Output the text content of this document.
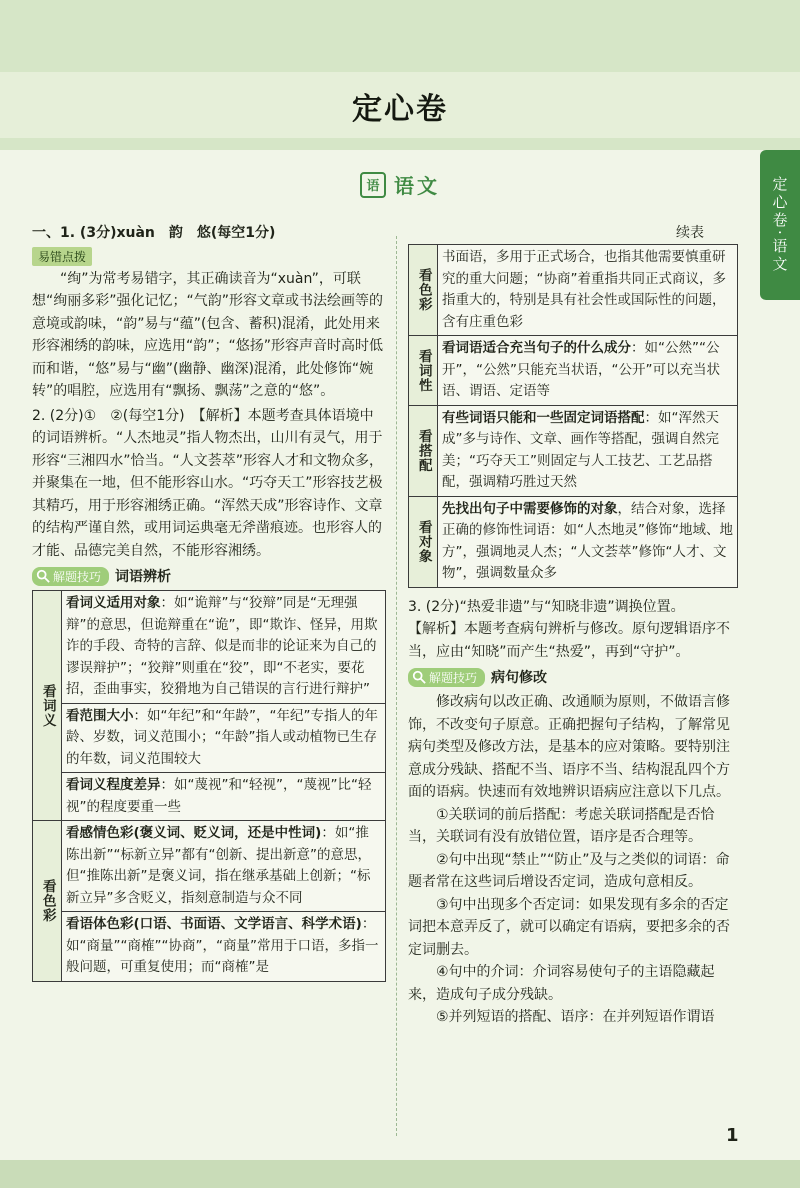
定心卷
定心卷·语文
语 语文

一、1. (3分)xuàn　韵　悠(每空1分)

易错点拨

“绚”为常考易错字，其正确读音为“xuàn”，可联想“绚丽多彩”强化记忆；“气韵”形容文章或书法绘画等的意境或韵味，“韵”易与“蕴”(包含、蓄积)混淆，此处用来形容湘绣的韵味，应选用“韵”；“悠扬”形容声音时高时低而和谐，“悠”易与“幽”(幽静、幽深)混淆，此处修饰“婉转”的唱腔，应选用有“飘扬、飘荡”之意的“悠”。

2. (2分)①　②(每空1分)　【解析】本题考查具体语境中的词语辨析。“人杰地灵”指人物杰出，山川有灵气，用于形容“三湘四水”恰当。“人文荟萃”形容人才和文物众多，并聚集在一地，但不能形容山水。“巧夺天工”形容技艺极其精巧，用于形容湘绣正确。“浑然天成”形容诗作、文章的结构严谨自然，或用词运典毫无斧凿痕迹。也形容人的才能、品德完美自然，不能形容湘绣。

解题技巧 词语辨析
看词义	看词义适用对象：如“诡辩”与“狡辩”同是“无理强辩”的意思，但诡辩重在“诡”，即“欺诈、怪异，用欺诈的手段、奇特的言辞、似是而非的论证来为自己的谬误辩护”；“狡辩”则重在“狡”，即“不老实，要花招，歪曲事实，狡猾地为自己错误的言行进行辩护”
	看范围大小：如“年纪”和“年龄”，“年纪”专指人的年龄、岁数，词义范围小；“年龄”指人或动植物已生存的年数，词义范围较大
	看词义程度差异：如“蔑视”和“轻视”，“蔑视”比“轻视”的程度要重一些

看色彩	看感情色彩(褒义词、贬义词，还是中性词)：如“推陈出新”“标新立异”都有“创新、提出新意”的意思，但“推陈出新”是褒义词，指在继承基础上创新；“标新立异”多含贬义，指刻意制造与众不同
	看语体色彩(口语、书面语、文学语言、科学术语)：如“商量”“商榷”“协商”，“商量”常用于口语，多指一般问题，可重复使用；而“商榷”是
续表
看色彩	书面语，多用于正式场合，也指其他需要慎重研究的重大问题；“协商”着重指共同正式商议，多指重大的，特别是具有社会性或国际性的问题，含有庄重色彩

看词性	看词语适合充当句子的什么成分：如“公然”“公开”，“公然”只能充当状语，“公开”可以充当状语、谓语、定语等

看搭配	有些词语只能和一些固定词语搭配：如“浑然天成”多与诗作、文章、画作等搭配，强调自然完美；“巧夺天工”则固定与人工技艺、工艺品搭配，强调精巧胜过天然

看对象	先找出句子中需要修饰的对象，结合对象，选择正确的修饰性词语：如“人杰地灵”修饰“地域、地方”，强调地灵人杰；“人文荟萃”修饰“人才、文物”，强调数量众多

3. (2分)“热爱非遗”与“知晓非遗”调换位置。

【解析】本题考查病句辨析与修改。原句逻辑语序不当，应由“知晓”而产生“热爱”，再到“守护”。

解题技巧 病句修改

修改病句以改正确、改通顺为原则，不做语言修饰，不改变句子原意。正确把握句子结构，了解常见病句类型及修改方法，是基本的应对策略。要特别注意成分残缺、搭配不当、语序不当、结构混乱四个方面的语病。快速而有效地辨识语病应注意以下几点。

①关联词的前后搭配：考虑关联词搭配是否恰当，关联词有没有放错位置，语序是否合理等。

②句中出现“禁止”“防止”及与之类似的词语：命题者常在这些词后增设否定词，造成句意相反。

③句中出现多个否定词：如果发现有多余的否定词把本意弄反了，就可以确定有语病，要把多余的否定词删去。

④句中的介词：介词容易使句子的主语隐藏起来，造成句子成分残缺。

⑤并列短语的搭配、语序：在并列短语作谓语

1
